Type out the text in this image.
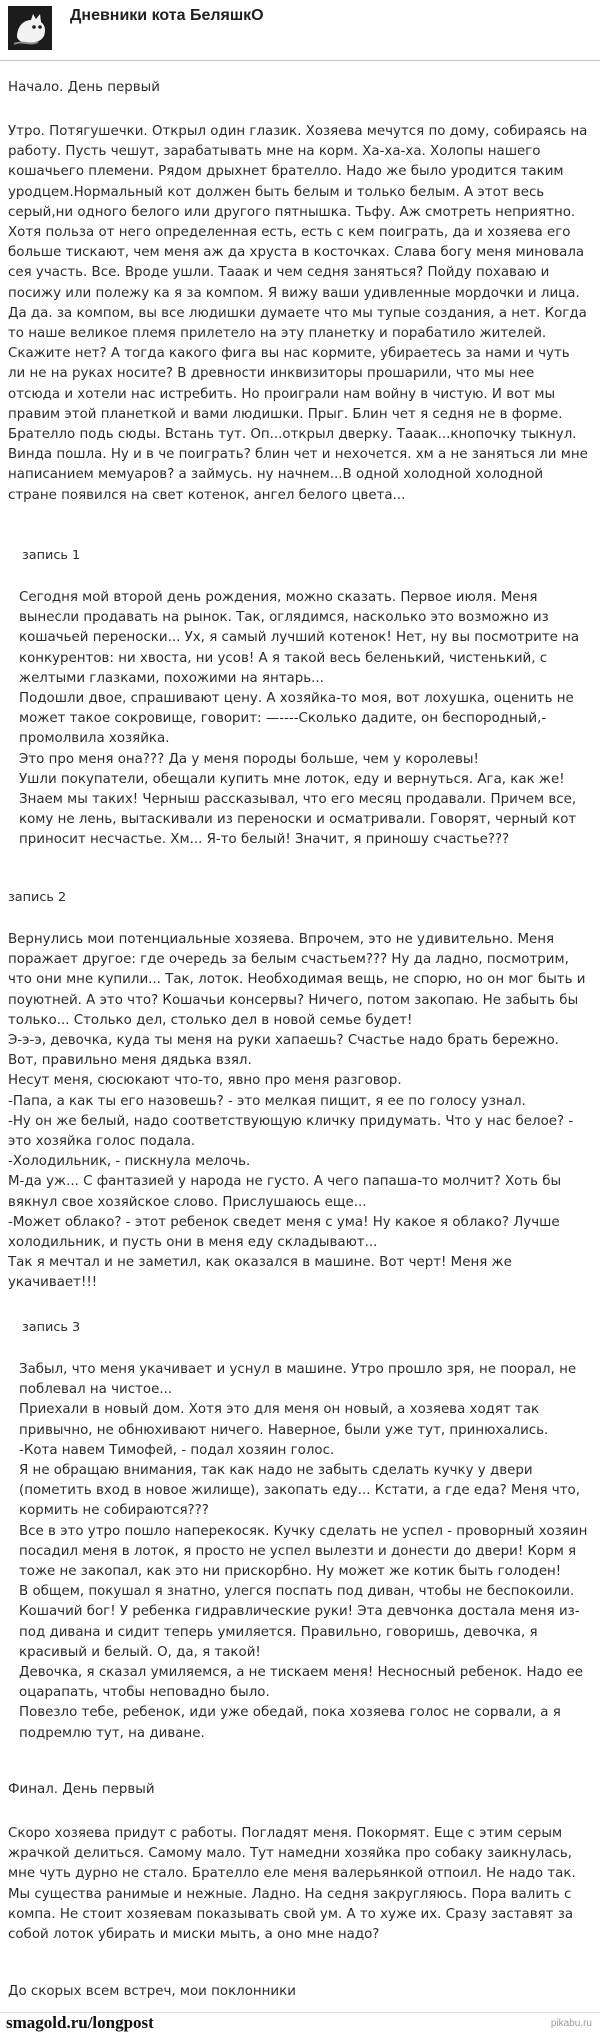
Дневники кота БеляшкО

Начало. День первый

Утро. Потягушечки. Открыл один глазик. Хозяева мечутся по дому, собираясь на работу. Пусть чешут, зарабатывать мне на корм. Ха-ха-ха. Холопы нашего кошачьего племени. Рядом дрыхнет брателло. Надо же было уродится таким уродцем.Нормальный кот должен быть белым и только белым. А этот весь серый,ни одного белого или другого пятнышка. Тьфу. Аж смотреть неприятно. Хотя польза от него определенная есть, есть с кем поиграть, да и хозяева его больше тискают, чем меня аж да хруста в косточках. Слава богу меня миновала сея участь. Все. Вроде ушли. Тааак и чем седня заняться? Пойду похаваю и посижу или полежу ка я за компом. Я вижу ваши удивленные мордочки и лица. Да да. за компом, вы все людишки думаете что мы тупые создания, а нет. Когда то наше великое племя прилетело на эту планетку и порабатило жителей. Скажите нет? А тогда какого фига вы нас кормите, убираетесь за нами и чуть ли не на руках носите? В древности инквизиторы прошарили, что мы нее отсюда и хотели нас истребить. Но проиграли нам войну в чистую. И вот мы правим этой планеткой и вами людишки. Прыг. Блин чет я седня не в форме. Брателло подь сюды. Встань тут. Оп...открыл дверку. Тааак...кнопочку тыкнул. Винда пошла. Ну и в че поиграть? блин чет и нехочется. хм а не заняться ли мне написанием мемуаров? а займусь. ну начнем...В одной холодной холодной стране появился на свет котенок, ангел белого цвета...

запись 1

Сегодня мой второй день рождения, можно сказать. Первое июля. Меня вынесли продавать на рынок. Так, оглядимся, насколько это возможно из кошачьей переноски... Ух, я самый лучший котенок! Нет, ну вы посмотрите на конкурентов: ни хвоста, ни усов! А я такой весь беленький, чистенький, с желтыми глазками, похожими на янтарь...
Подошли двое, спрашивают цену. А хозяйка-то моя, вот лохушка, оценить не может такое сокровище, говорит: —----Сколько дадите, он беспородный,- промолвила хозяйка.
Это про меня она??? Да у меня породы больше, чем у королевы!
Ушли покупатели, обещали купить мне лоток, еду и вернуться. Ага, как же! Знаем мы таких! Черныш рассказывал, что его месяц продавали. Причем все, кому не лень, вытаскивали из переноски и осматривали. Говорят, черный кот приносит несчастье. Хм... Я-то белый! Значит, я приношу счастье???

запись 2

Вернулись мои потенциальные хозяева. Впрочем, это не удивительно. Меня поражает другое: где очередь за белым счастьем??? Ну да ладно, посмотрим, что они мне купили... Так, лоток. Необходимая вещь, не спорю, но он мог быть и поуютней. А это что? Кошачьи консервы? Ничего, потом закопаю. Не забыть бы только... Столько дел, столько дел в новой семье будет!
Э-э-э, девочка, куда ты меня на руки хапаешь? Счастье надо брать бережно. Вот, правильно меня дядька взял.
Несут меня, сюсюкают что-то, явно про меня разговор.
-Папа, а как ты его назовешь? - это мелкая пищит, я ее по голосу узнал.
-Ну он же белый, надо соответствующую кличку придумать. Что у нас белое? - это хозяйка голос подала.
-Холодильник, - пискнула мелочь.
М-да уж... С фантазией у народа не густо. А чего папаша-то молчит? Хоть бы вякнул свое хозяйское слово. Прислушаюсь еще...
-Может облако? - этот ребенок сведет меня с ума! Ну какое я облако? Лучше холодильник, и пусть они в меня еду складывают...
Так я мечтал и не заметил, как оказался в машине. Вот черт! Меня же укачивает!!!

запись 3

Забыл, что меня укачивает и уснул в машине. Утро прошло зря, не поорал, не поблевал на чистое...
Приехали в новый дом. Хотя это для меня он новый, а хозяева ходят так привычно, не обнюхивают ничего. Наверное, были уже тут, принюхались.
-Кота навем Тимофей, - подал хозяин голос.
Я не обращаю внимания, так как надо не забыть сделать кучку у двери (пометить вход в новое жилище), закопать еду... Кстати, а где еда? Меня что, кормить не собираются???
Все в это утро пошло наперекосяк. Кучку сделать не успел - проворный хозяин посадил меня в лоток, я просто не успел вылезти и донести до двери! Корм я тоже не закопал, как это ни прискорбно. Ну может же котик быть голоден!
В общем, покушал я знатно, улегся поспать под диван, чтобы не беспокоили. Кошачий бог! У ребенка гидравлические руки! Эта девчонка достала меня из-под дивана и сидит теперь умиляется. Правильно, говоришь, девочка, я красивый и белый. О, да, я такой!
Девочка, я сказал умиляемся, а не тискаем меня! Несносный ребенок. Надо ее оцарапать, чтобы неповадно было.
Повезло тебе, ребенок, иди уже обедай, пока хозяева голос не сорвали, а я подремлю тут, на диване.

Финал. День первый

Скоро хозяева придут с работы. Погладят меня. Покормят. Еще с этим серым жрачкой делиться. Самому мало. Тут намедни хозяйка про собаку заикнулась, мне чуть дурно не стало. Брателло еле меня валерьянкой отпоил. Не надо так. Мы существа ранимые и нежные. Ладно. На седня закругляюсь. Пора валить с компа. Не стоит хозяевам показывать свой ум. А то хуже их. Сразу заставят за собой лоток убирать и миски мыть, а оно мне надо?

До скорых всем встреч, мои поклонники

smagold.ru/longpost	pikabu.ru
